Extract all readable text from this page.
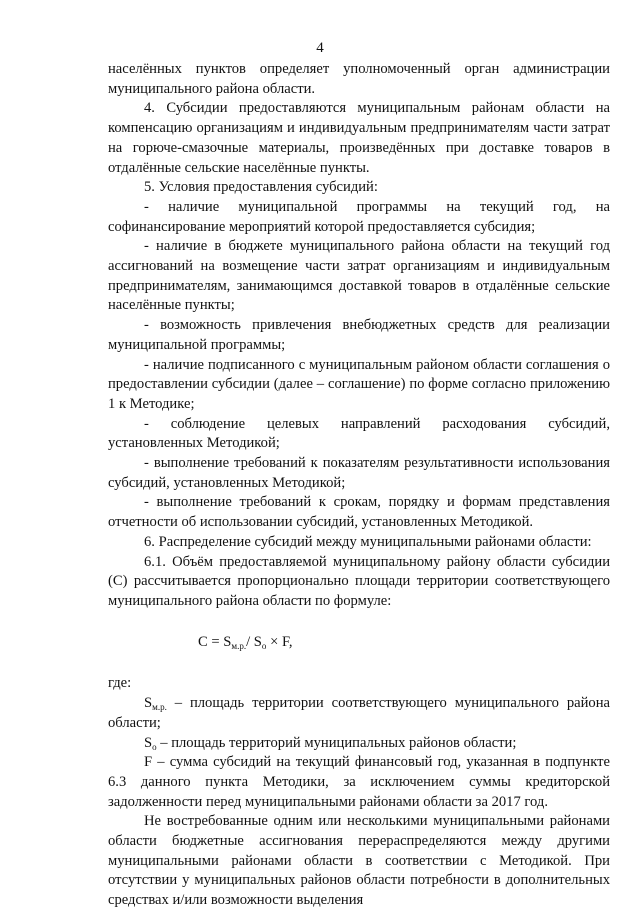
4

населённых пунктов определяет уполномоченный орган администрации муниципального района области.

4. Субсидии предоставляются муниципальным районам области на компенсацию организациям и индивидуальным предпринимателям части затрат на горюче-смазочные материалы, произведённых при доставке товаров в отдалённые сельские населённые пункты.

5. Условия предоставления субсидий:

- наличие муниципальной программы на текущий год, на софинансирование мероприятий которой предоставляется субсидия;

- наличие в бюджете муниципального района области на текущий год ассигнований на возмещение части затрат организациям и индивидуальным предпринимателям, занимающимся доставкой товаров в отдалённые сельские населённые пункты;

- возможность привлечения внебюджетных средств для реализации муниципальной программы;

- наличие подписанного с муниципальным районом области соглашения о предоставлении субсидии (далее – соглашение) по форме согласно приложению 1 к Методике;

- соблюдение целевых направлений расходования субсидий, установленных Методикой;

- выполнение требований к показателям результативности использования субсидий, установленных Методикой;

- выполнение требований к срокам, порядку и формам представления отчетности об использовании субсидий, установленных Методикой.

6. Распределение субсидий между муниципальными районами области:

6.1. Объём предоставляемой муниципальному району области субсидии (С) рассчитывается пропорционально площади территории соответствующего муниципального района области по формуле:

$С = S_{м.р.}/$ $S_о \times F$,

где:

$S_{м.р.}$ – площадь территории соответствующего муниципального района области;

$S_о$ – площадь территорий муниципальных районов области;

F – сумма субсидий на текущий финансовый год, указанная в подпункте 6.3 данного пункта Методики, за исключением суммы кредиторской задолженности перед муниципальными районами области за 2017 год.

Не востребованные одним или несколькими муниципальными районами области бюджетные ассигнования перераспределяются между другими муниципальными районами области в соответствии с Методикой. При отсутствии у муниципальных районов области потребности в дополнительных средствах и/или возможности выделения
